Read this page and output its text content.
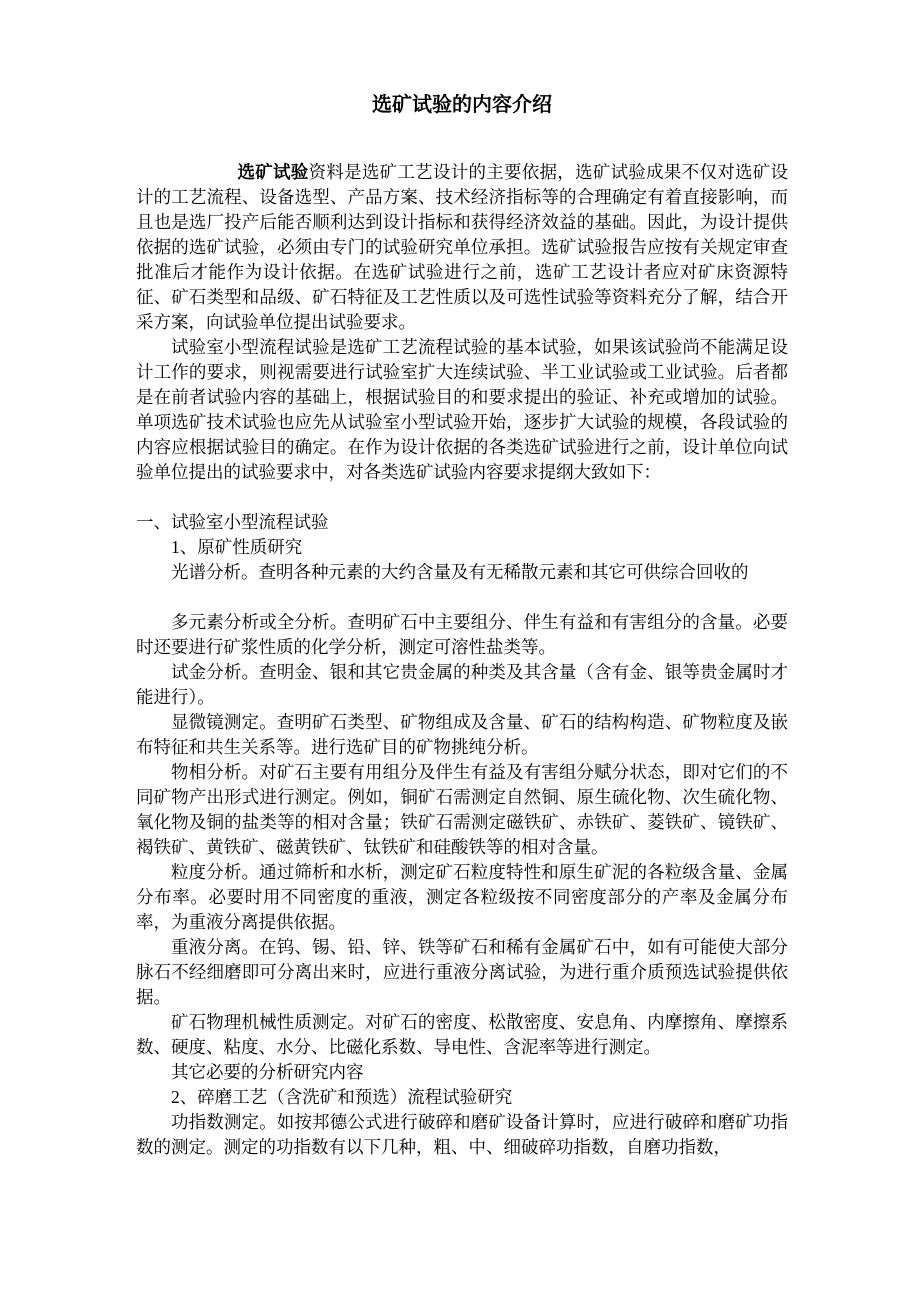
选矿试验的内容介绍

选矿试验资料是选矿工艺设计的主要依据，选矿试验成果不仅对选矿设计的工艺流程、设备选型、产品方案、技术经济指标等的合理确定有着直接影响，而且也是选厂投产后能否顺利达到设计指标和获得经济效益的基础。因此，为设计提供依据的选矿试验，必须由专门的试验研究单位承担。选矿试验报告应按有关规定审查批准后才能作为设计依据。在选矿试验进行之前，选矿工艺设计者应对矿床资源特征、矿石类型和品级、矿石特征及工艺性质以及可选性试验等资料充分了解，结合开采方案，向试验单位提出试验要求。

试验室小型流程试验是选矿工艺流程试验的基本试验，如果该试验尚不能满足设计工作的要求，则视需要进行试验室扩大连续试验、半工业试验或工业试验。后者都是在前者试验内容的基础上，根据试验目的和要求提出的验证、补充或增加的试验。单项选矿技术试验也应先从试验室小型试验开始，逐步扩大试验的规模，各段试验的内容应根据试验目的确定。在作为设计依据的各类选矿试验进行之前，设计单位向试验单位提出的试验要求中，对各类选矿试验内容要求提纲大致如下：

一、试验室小型流程试验

1、原矿性质研究

光谱分析。查明各种元素的大约含量及有无稀散元素和其它可供综合回收的

多元素分析或全分析。查明矿石中主要组分、伴生有益和有害组分的含量。必要时还要进行矿浆性质的化学分析，测定可溶性盐类等。

试金分析。查明金、银和其它贵金属的种类及其含量（含有金、银等贵金属时才能进行）。

显微镜测定。查明矿石类型、矿物组成及含量、矿石的结构构造、矿物粒度及嵌布特征和共生关系等。进行选矿目的矿物挑纯分析。

物相分析。对矿石主要有用组分及伴生有益及有害组分赋分状态，即对它们的不同矿物产出形式进行测定。例如，铜矿石需测定自然铜、原生硫化物、次生硫化物、氧化物及铜的盐类等的相对含量；铁矿石需测定磁铁矿、赤铁矿、菱铁矿、镜铁矿、褐铁矿、黄铁矿、磁黄铁矿、钛铁矿和硅酸铁等的相对含量。

粒度分析。通过筛析和水析，测定矿石粒度特性和原生矿泥的各粒级含量、金属分布率。必要时用不同密度的重液，测定各粒级按不同密度部分的产率及金属分布率，为重液分离提供依据。

重液分离。在钨、锡、铅、锌、铁等矿石和稀有金属矿石中，如有可能使大部分脉石不经细磨即可分离出来时，应进行重液分离试验，为进行重介质预选试验提供依据。

矿石物理机械性质测定。对矿石的密度、松散密度、安息角、内摩擦角、摩擦系数、硬度、粘度、水分、比磁化系数、导电性、含泥率等进行测定。

其它必要的分析研究内容

2、碎磨工艺（含洗矿和预选）流程试验研究

功指数测定。如按邦德公式进行破碎和磨矿设备计算时，应进行破碎和磨矿功指数的测定。测定的功指数有以下几种，粗、中、细破碎功指数，自磨功指数，
